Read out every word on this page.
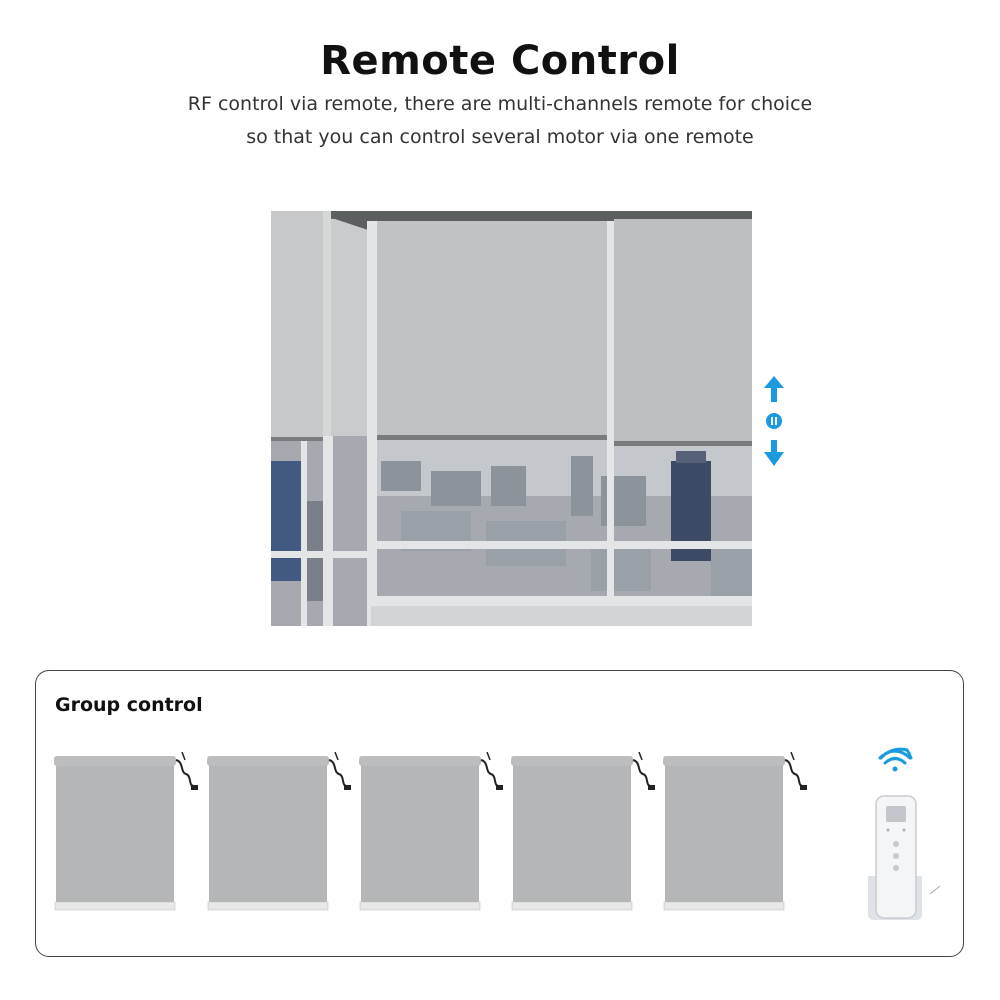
Remote Control
RF control via remote, there are multi-channels remote for choice
so that you can control several motor via one remote
Group control
